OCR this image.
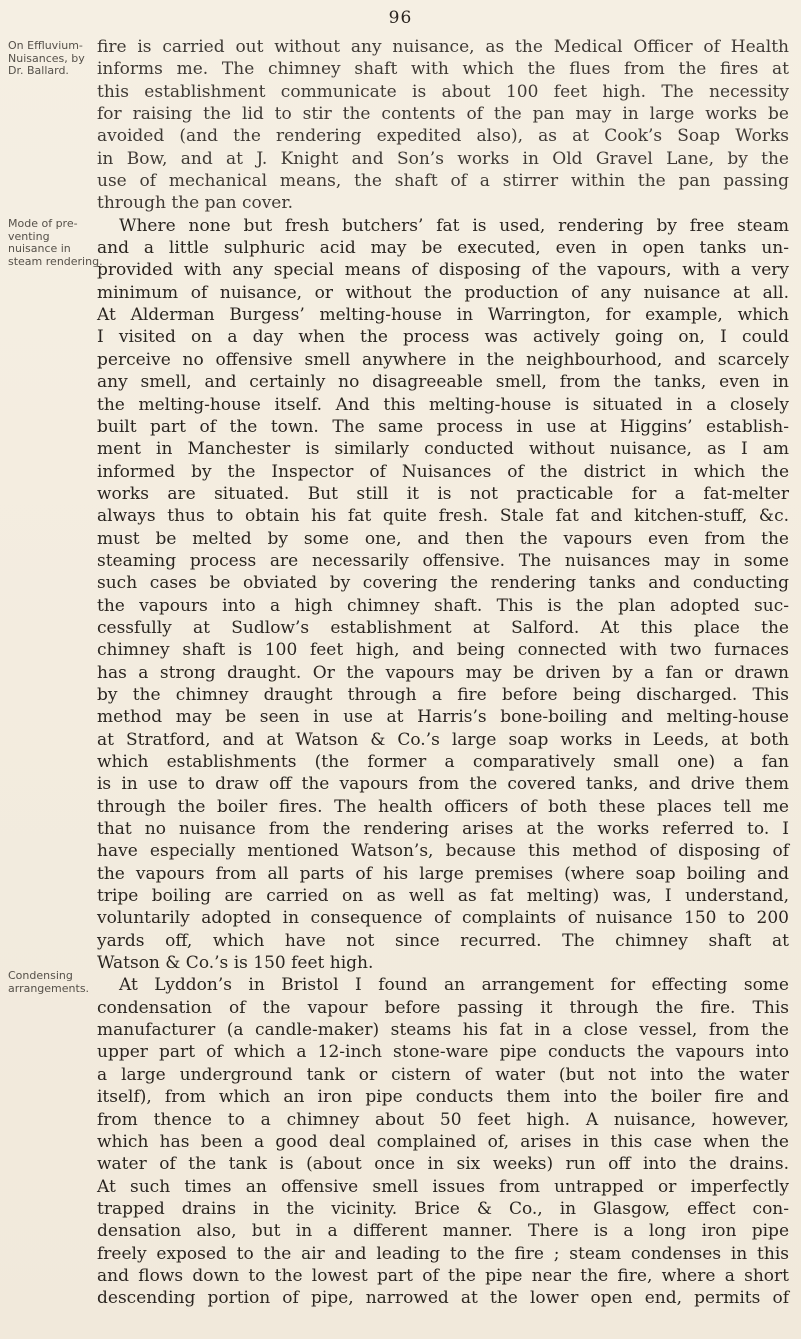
96
On Effluvium-
Nuisances, by
Dr. Ballard.
Mode of pre-
venting
nuisance in
steam rendering.
Condensing
arrangements.
fire is carried out without any nuisance, as the Medical Officer of Health
informs me. The chimney shaft with which the flues from the fires at
this establishment communicate is about 100 feet high. The necessity
for raising the lid to stir the contents of the pan may in large works be
avoided (and the rendering expedited also), as at Cook’s Soap Works
in Bow, and at J. Knight and Son’s works in Old Gravel Lane, by the
use of mechanical means, the shaft of a stirrer within the pan passing
through the pan cover.
Where none but fresh butchers’ fat is used, rendering by free steam
and a little sulphuric acid may be executed, even in open tanks un-
provided with any special means of disposing of the vapours, with a very
minimum of nuisance, or without the production of any nuisance at all.
At Alderman Burgess’ melting-house in Warrington, for example, which
I visited on a day when the process was actively going on, I could
perceive no offensive smell anywhere in the neighbourhood, and scarcely
any smell, and certainly no disagreeable smell, from the tanks, even in
the melting-house itself. And this melting-house is situated in a closely
built part of the town. The same process in use at Higgins’ establish-
ment in Manchester is similarly conducted without nuisance, as I am
informed by the Inspector of Nuisances of the district in which the
works are situated. But still it is not practicable for a fat-melter
always thus to obtain his fat quite fresh. Stale fat and kitchen-stuff, &c.
must be melted by some one, and then the vapours even from the
steaming process are necessarily offensive. The nuisances may in some
such cases be obviated by covering the rendering tanks and conducting
the vapours into a high chimney shaft. This is the plan adopted suc-
cessfully at Sudlow’s establishment at Salford. At this place the
chimney shaft is 100 feet high, and being connected with two furnaces
has a strong draught. Or the vapours may be driven by a fan or drawn
by the chimney draught through a fire before being discharged. This
method may be seen in use at Harris’s bone-boiling and melting-house
at Stratford, and at Watson & Co.’s large soap works in Leeds, at both
which establishments (the former a comparatively small one) a fan
is in use to draw off the vapours from the covered tanks, and drive them
through the boiler fires. The health officers of both these places tell me
that no nuisance from the rendering arises at the works referred to. I
have especially mentioned Watson’s, because this method of disposing of
the vapours from all parts of his large premises (where soap boiling and
tripe boiling are carried on as well as fat melting) was, I understand,
voluntarily adopted in consequence of complaints of nuisance 150 to 200
yards off, which have not since recurred. The chimney shaft at
Watson & Co.’s is 150 feet high.
At Lyddon’s in Bristol I found an arrangement for effecting some
condensation of the vapour before passing it through the fire. This
manufacturer (a candle-maker) steams his fat in a close vessel, from the
upper part of which a 12-inch stone-ware pipe conducts the vapours into
a large underground tank or cistern of water (but not into the water
itself), from which an iron pipe conducts them into the boiler fire and
from thence to a chimney about 50 feet high. A nuisance, however,
which has been a good deal complained of, arises in this case when the
water of the tank is (about once in six weeks) run off into the drains.
At such times an offensive smell issues from untrapped or imperfectly
trapped drains in the vicinity. Brice & Co., in Glasgow, effect con-
densation also, but in a different manner. There is a long iron pipe
freely exposed to the air and leading to the fire ; steam condenses in this
and flows down to the lowest part of the pipe near the fire, where a short
descending portion of pipe, narrowed at the lower open end, permits of
